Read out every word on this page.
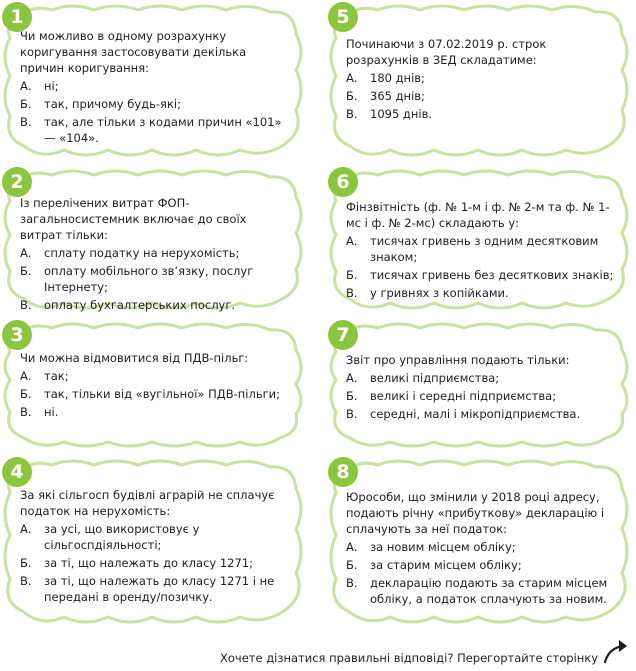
1
Чи можливо в одному розрахунку коригування застосовувати декілька причин коригування:
А.	ні;
Б.	так, причому будь-які;
В.	так, але тільки з кодами причин «101» — «104».
5
Починаючи з 07.02.2019 р. строк розрахунків в ЗЕД складатиме:
А.	180 днів;
Б.	365 днів;
В.	1095 днів.
2
Із перелічених витрат ФОП-загальносистемник включає до своїх витрат тільки:
А.	сплату податку на нерухомість;
Б.	оплату мобільного зв’язку, послуг Інтернету;
В.	оплату бухгалтерських послуг.
6
Фінзвітність (ф. № 1-м і ф. № 2-м та ф. № 1-мс і ф. № 2-мс) складають у:
А.	тисячах гривень з одним десятковим знаком;
Б.	тисячах гривень без десяткових знаків;
В.	у гривнях з копійками.
3
Чи можна відмовитися від ПДВ-пільг:
А.	так;
Б.	так, тільки від «вугільної» ПДВ-пільги;
В.	ні.
7
Звіт про управління подають тільки:
А.	великі підприємства;
Б.	великі і середні підприємства;
В.	середні, малі і мікропідприємства.
4
За які сільгосп будівлі аграрій не сплачує податок на нерухомість:
А.	за усі, що використовує у сільгоспдіяльності;
Б.	за ті, що належать до класу 1271;
В.	за ті, що належать до класу 1271 і не передані в оренду/позичку.
8
Юрособи, що змінили у 2018 році адресу, подають річну «прибуткову» декларацію і сплачують за неї податок:
А.	за новим місцем обліку;
Б.	за старим місцем обліку;
В.	декларацію подають за старим місцем обліку, а податок сплачують за новим.
Хочете дізнатися правильні відповіді? Перегортайте сторінку
